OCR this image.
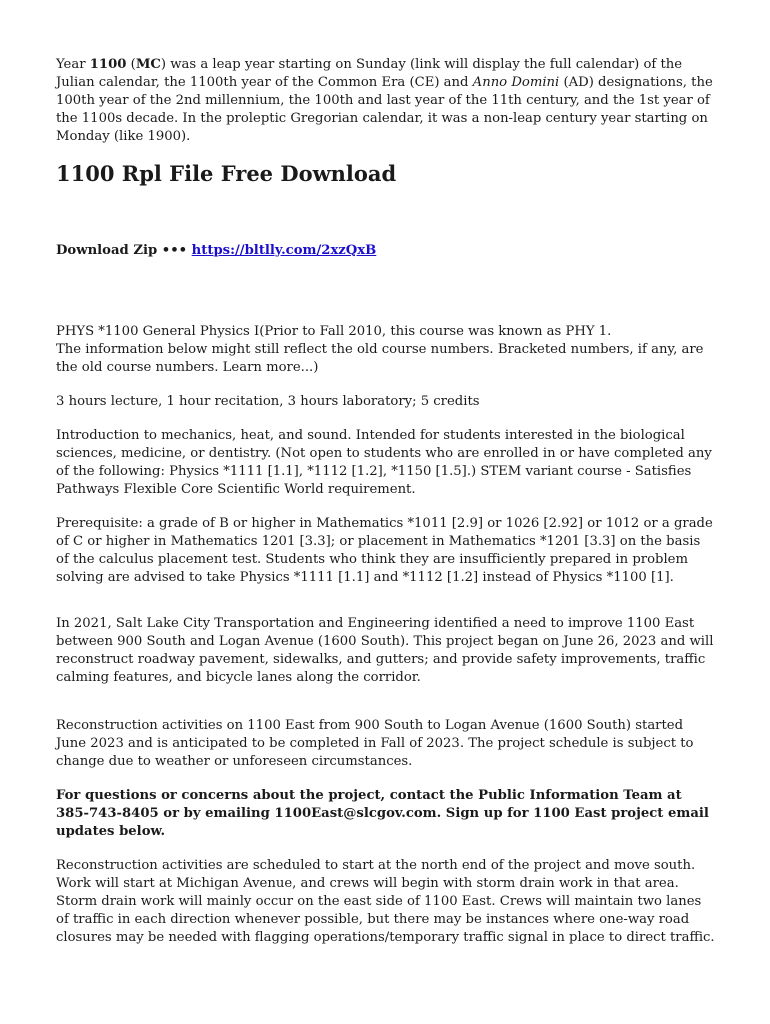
Year 1100 (MC) was a leap year starting on Sunday (link will display the full calendar) of the Julian calendar, the 1100th year of the Common Era (CE) and Anno Domini (AD) designations, the 100th year of the 2nd millennium, the 100th and last year of the 11th century, and the 1st year of the 1100s decade. In the proleptic Gregorian calendar, it was a non-leap century year starting on Monday (like 1900).

1100 Rpl File Free Download

Download Zip ••• https://bltlly.com/2xzQxB

PHYS *1100 General Physics I(Prior to Fall 2010, this course was known as PHY 1.
The information below might still reflect the old course numbers. Bracketed numbers, if any, are the old course numbers. Learn more...)

3 hours lecture, 1 hour recitation, 3 hours laboratory; 5 credits

Introduction to mechanics, heat, and sound. Intended for students interested in the biological sciences, medicine, or dentistry. (Not open to students who are enrolled in or have completed any of the following: Physics *1111 [1.1], *1112 [1.2], *1150 [1.5].) STEM variant course - Satisfies Pathways Flexible Core Scientific World requirement.

Prerequisite: a grade of B or higher in Mathematics *1011 [2.9] or 1026 [2.92] or 1012 or a grade of C or higher in Mathematics 1201 [3.3]; or placement in Mathematics *1201 [3.3] on the basis of the calculus placement test. Students who think they are insufficiently prepared in problem solving are advised to take Physics *1111 [1.1] and *1112 [1.2] instead of Physics *1100 [1].

In 2021, Salt Lake City Transportation and Engineering identified a need to improve 1100 East between 900 South and Logan Avenue (1600 South). This project began on June 26, 2023 and will reconstruct roadway pavement, sidewalks, and gutters; and provide safety improvements, traffic calming features, and bicycle lanes along the corridor.

Reconstruction activities on 1100 East from 900 South to Logan Avenue (1600 South) started June 2023 and is anticipated to be completed in Fall of 2023. The project schedule is subject to change due to weather or unforeseen circumstances.

For questions or concerns about the project, contact the Public Information Team at 385-743-8405 or by emailing 1100East@slcgov.com. Sign up for 1100 East project email updates below.

Reconstruction activities are scheduled to start at the north end of the project and move south. Work will start at Michigan Avenue, and crews will begin with storm drain work in that area. Storm drain work will mainly occur on the east side of 1100 East. Crews will maintain two lanes of traffic in each direction whenever possible, but there may be instances where one-way road closures may be needed with flagging operations/temporary traffic signal in place to direct traffic.
